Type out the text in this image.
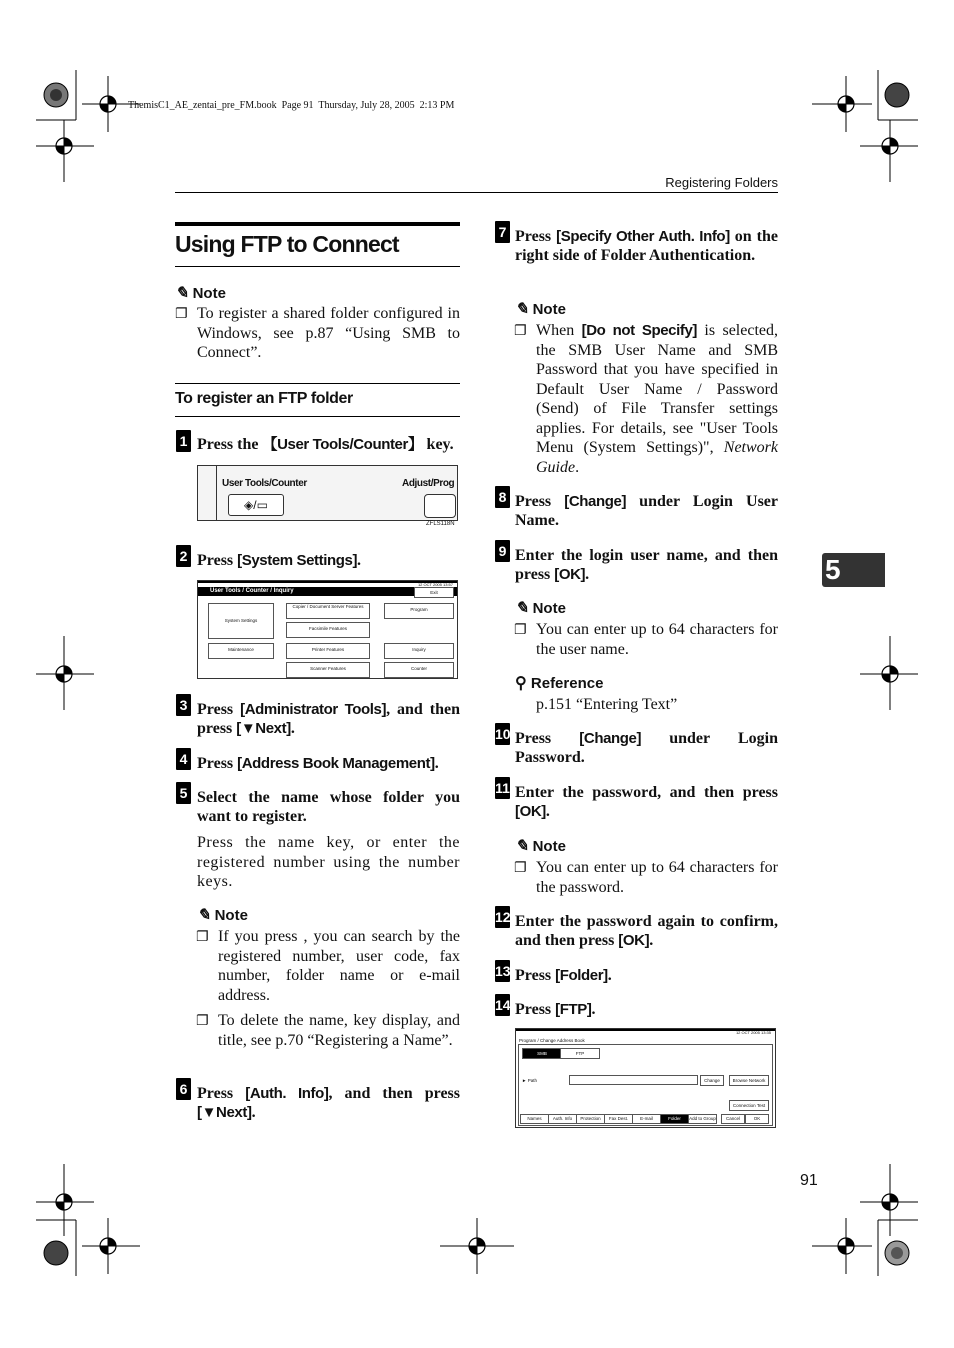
ThemisC1_AE_zentai_pre_FM.book  Page 91  Thursday, July 28, 2005  2:13 PM
Registering Folders
5
91
Using FTP to Connect
✎ Note
❐ To register a shared folder configured in Windows, see p.87 “Using SMB to Connect”.
To register an FTP folder
1 Press the 【User Tools/Counter】 key.
User Tools/Counter	Adjust/Prog
◈/▭
ZFLS118N
2 Press [System Settings].
12 OCT 2005 13:57
User Tools / Counter / Inquiry	Exit
System Settings
Copier / Document Server Features
Facsimile Features
Printer Features
Scanner Features
Maintenance
Program
Inquiry
Counter
3 Press [Administrator Tools], and then press [▼Next].
4 Press [Address Book Management].
5 Select the name whose folder you want to register.
Press the name key, or enter the registered number using the number keys.
✎ Note
❐ If you press , you can search by the registered number, user code, fax number, folder name or e-mail address.
❐ To delete the name, key display, and title, see p.70 “Registering a Name”.
6 Press [Auth. Info], and then press [▼Next].
7 Press [Specify Other Auth. Info] on the right side of Folder Authentication.
✎ Note
❐ When [Do not Specify] is selected, the SMB User Name and SMB Password that you have specified in Default User Name / Password (Send) of File Transfer settings applies. For details, see "User Tools Menu (System Settings)", Network Guide.
8 Press [Change] under Login User Name.
9 Enter the login user name, and then press [OK].
✎ Note
❐ You can enter up to 64 characters for the user name.
⚲ Reference
p.151 “Entering Text”
10 Press [Change] under Login Password.
11 Enter the password, and then press [OK].
✎ Note
❐ You can enter up to 64 characters for the password.
12 Enter the password again to confirm, and then press [OK].
13 Press [Folder].
14 Press [FTP].
12 OCT 2005 13:35
Program / Change Address Book
SMB	FTP
► Path	Change	Browse Network
Connection Test
Names	Auth. Info	Protection	Fax Dest.	E-mail	Folder	Add to Group	Cancel	OK
